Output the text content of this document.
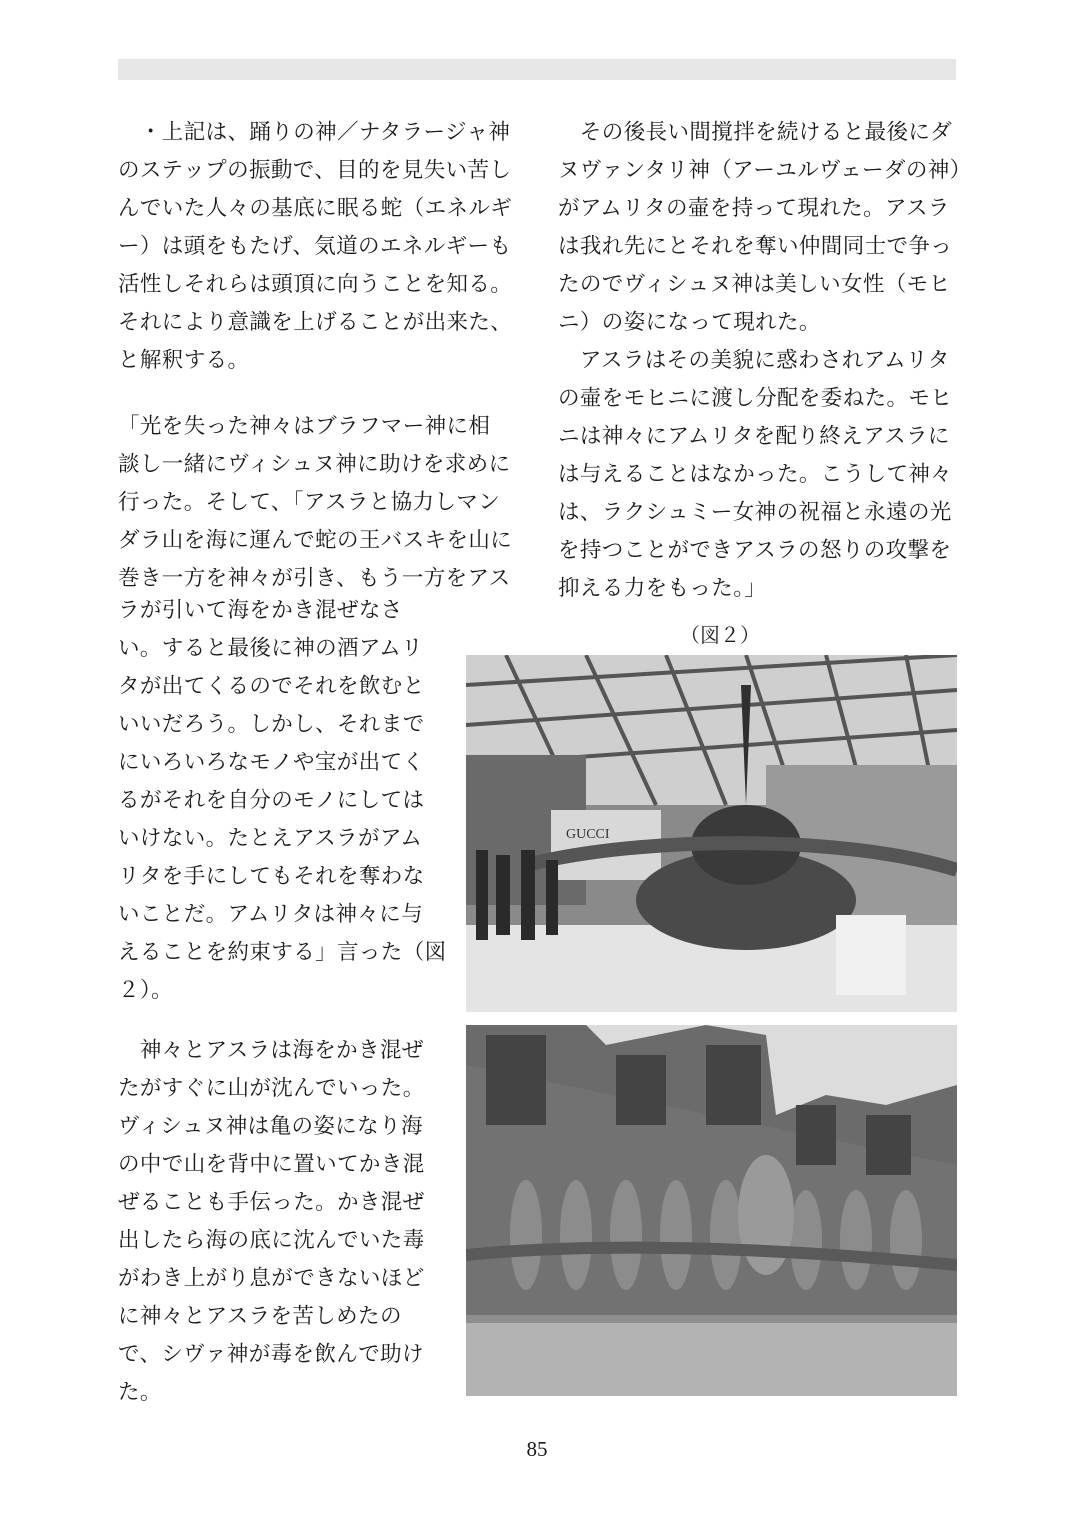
　・上記は、踊りの神／ナタラージャ神

のステップの振動で、目的を見失い苦し

んでいた人々の基底に眠る蛇（エネルギ

ー）は頭をもたげ、気道のエネルギーも

活性しそれらは頭頂に向うことを知る。

それにより意識を上げることが出来た、

と解釈する。

「光を失った神々はブラフマー神に相

談し一緒にヴィシュヌ神に助けを求めに

行った。そして、「アスラと協力しマン

ダラ山を海に運んで蛇の王バスキを山に

巻き一方を神々が引き、もう一方をアス

ラが引いて海をかき混ぜなさ

い。すると最後に神の酒アムリ

タが出てくるのでそれを飲むと

いいだろう。しかし、それまで

にいろいろなモノや宝が出てく

るがそれを自分のモノにしては

いけない。たとえアスラがアム

リタを手にしてもそれを奪わな

いことだ。アムリタは神々に与

えることを約束する」言った（図

２）。

　神々とアスラは海をかき混ぜ

たがすぐに山が沈んでいった。

ヴィシュヌ神は亀の姿になり海

の中で山を背中に置いてかき混

ぜることも手伝った。かき混ぜ

出したら海の底に沈んでいた毒

がわき上がり息ができないほど

に神々とアスラを苦しめたの

で、シヴァ神が毒を飲んで助け

た。

　その後長い間撹拌を続けると最後にダ

ヌヴァンタリ神（アーユルヴェーダの神）

がアムリタの壷を持って現れた。アスラ

は我れ先にとそれを奪い仲間同士で争っ

たのでヴィシュヌ神は美しい女性（モヒ

ニ）の姿になって現れた。

　アスラはその美貌に惑わされアムリタ

の壷をモヒニに渡し分配を委ねた。モヒ

ニは神々にアムリタを配り終えアスラに

は与えることはなかった。こうして神々

は、ラクシュミー女神の祝福と永遠の光

を持つことができアスラの怒りの攻撃を

抑える力をもった。」

（図２）
GUCCI
85
